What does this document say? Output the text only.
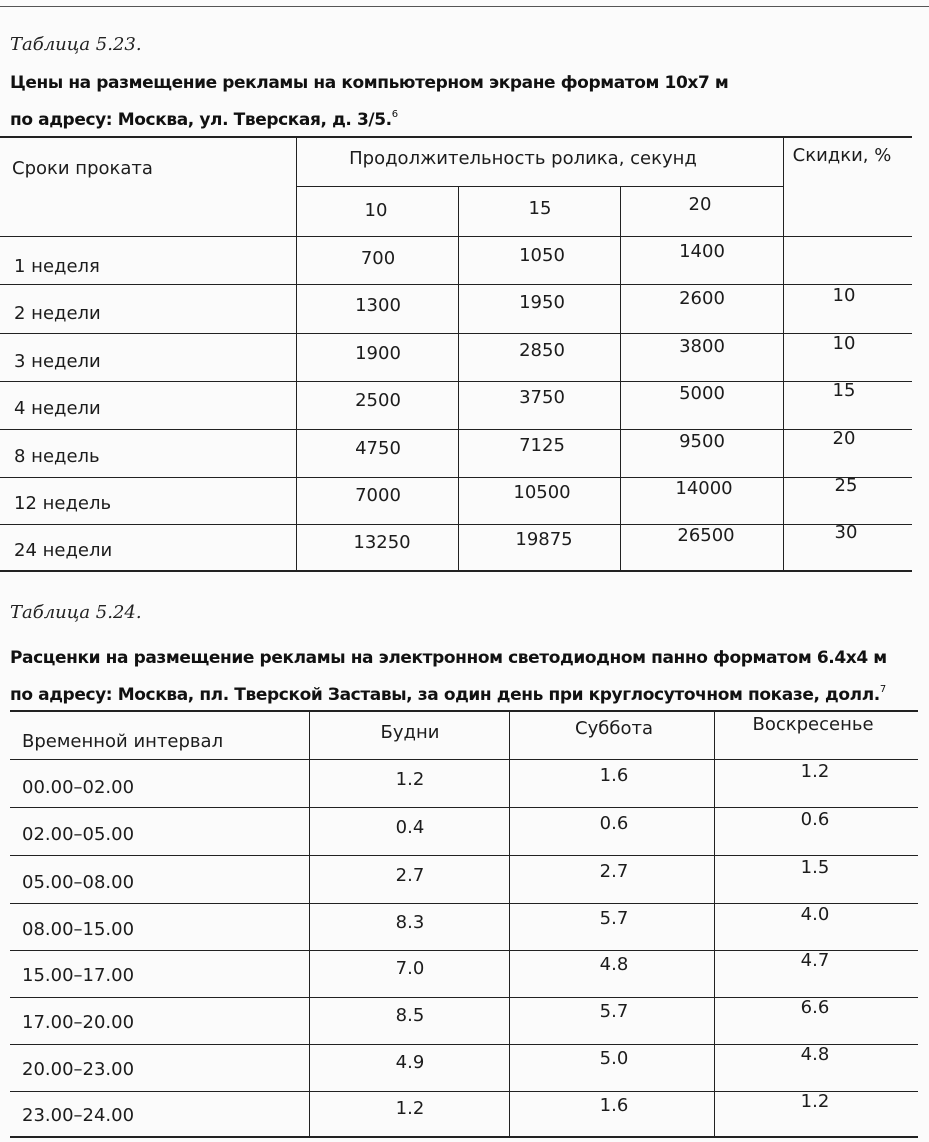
Таблица 5.23.
Цены на размещение рекламы на компьютерном экране форматом 10х7 м
по адресу: Москва, ул. Тверская, д. 3/5.$^6$
Сроки проката	Продолжительность ролика, секунд	Скидки, %
10	15	20
1 неделя	700	1050	1400
2 недели	1300	1950	2600	10
3 недели	1900	2850	3800	10
4 недели	2500	3750	5000	15
8 недель	4750	7125	9500	20
12 недель	7000	10500	14000	25
24 недели	13250	19875	26500	30
Таблица 5.24.
Расценки на размещение рекламы на электронном светодиодном панно форматом 6.4х4 м
по адресу: Москва, пл. Тверской Заставы, за один день при круглосуточном показе, долл.$^7$
Временной интервал	Будни	Суббота	Воскресенье
00.00–02.00	1.2	1.6	1.2
02.00–05.00	0.4	0.6	0.6
05.00–08.00	2.7	2.7	1.5
08.00–15.00	8.3	5.7	4.0
15.00–17.00	7.0	4.8	4.7
17.00–20.00	8.5	5.7	6.6
20.00–23.00	4.9	5.0	4.8
23.00–24.00	1.2	1.6	1.2
